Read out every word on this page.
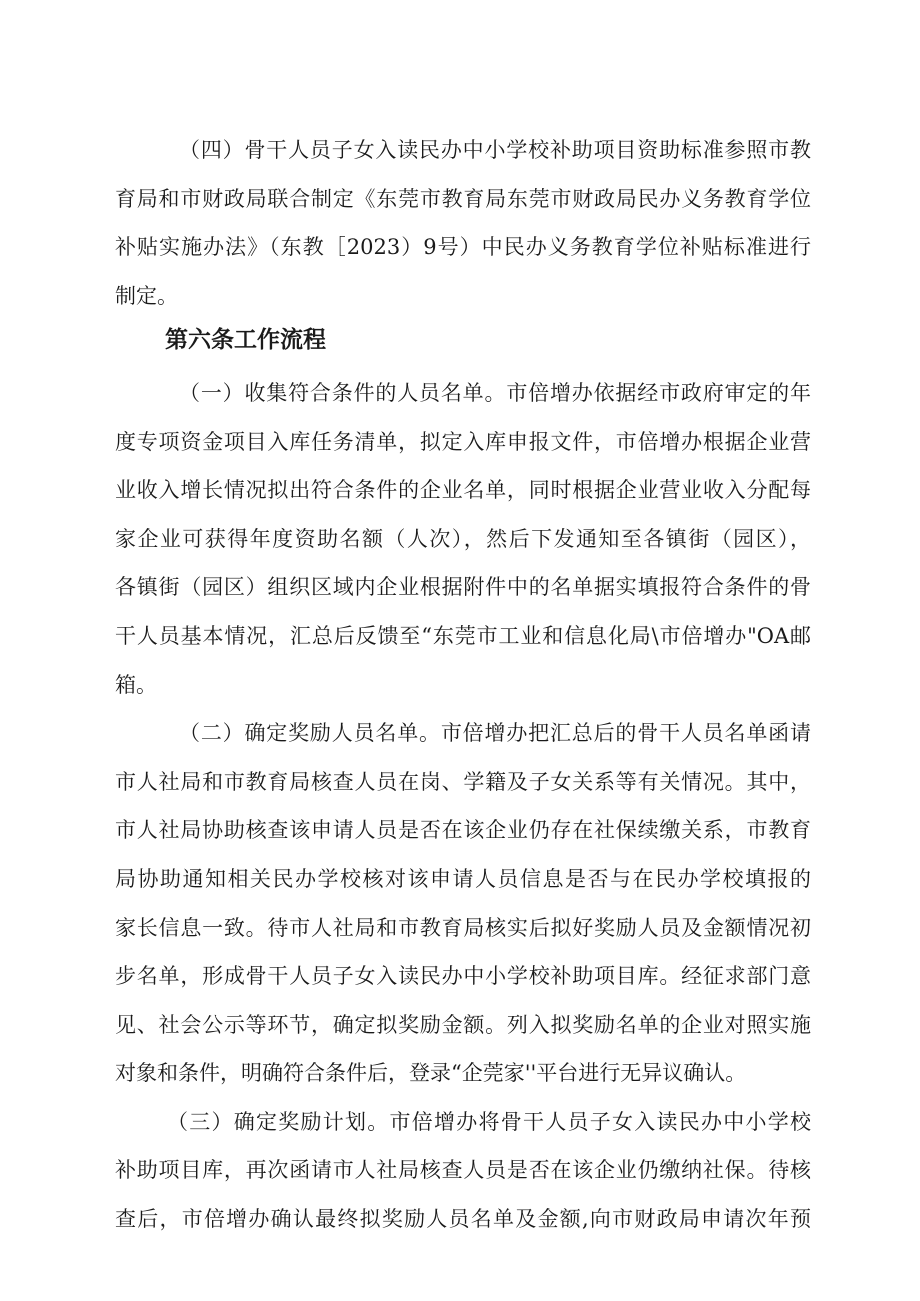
（四）骨干人员子女入读民办中小学校补助项目资助标准参照市教
育局和市财政局联合制定《东莞市教育局东莞市财政局民办义务教育学位
补贴实施办法》（东教［2023）9号）中民办义务教育学位补贴标准进行
制定。
第六条工作流程
（一）收集符合条件的人员名单。市倍增办依据经市政府审定的年
度专项资金项目入库任务清单，拟定入库申报文件，市倍增办根据企业营
业收入增长情况拟出符合条件的企业名单，同时根据企业营业收入分配每
家企业可获得年度资助名额（人次），然后下发通知至各镇街（园区），
各镇街（园区）组织区域内企业根据附件中的名单据实填报符合条件的骨
干人员基本情况，汇总后反馈至“东莞市工业和信息化局\市倍增办"OA邮
箱。
（二）确定奖励人员名单。市倍增办把汇总后的骨干人员名单函请
市人社局和市教育局核查人员在岗、学籍及子女关系等有关情况。其中，
市人社局协助核查该申请人员是否在该企业仍存在社保续缴关系，市教育
局协助通知相关民办学校核对该申请人员信息是否与在民办学校填报的
家长信息一致。待市人社局和市教育局核实后拟好奖励人员及金额情况初
步名单，形成骨干人员子女入读民办中小学校补助项目库。经征求部门意
见、社会公示等环节，确定拟奖励金额。列入拟奖励名单的企业对照实施
对象和条件，明确符合条件后，登录“企莞家''平台进行无异议确认。
（三）确定奖励计划。市倍增办将骨干人员子女入读民办中小学校
补助项目库，再次函请市人社局核查人员是否在该企业仍缴纳社保。待核
查后，市倍增办确认最终拟奖励人员名单及金额,向市财政局申请次年预
